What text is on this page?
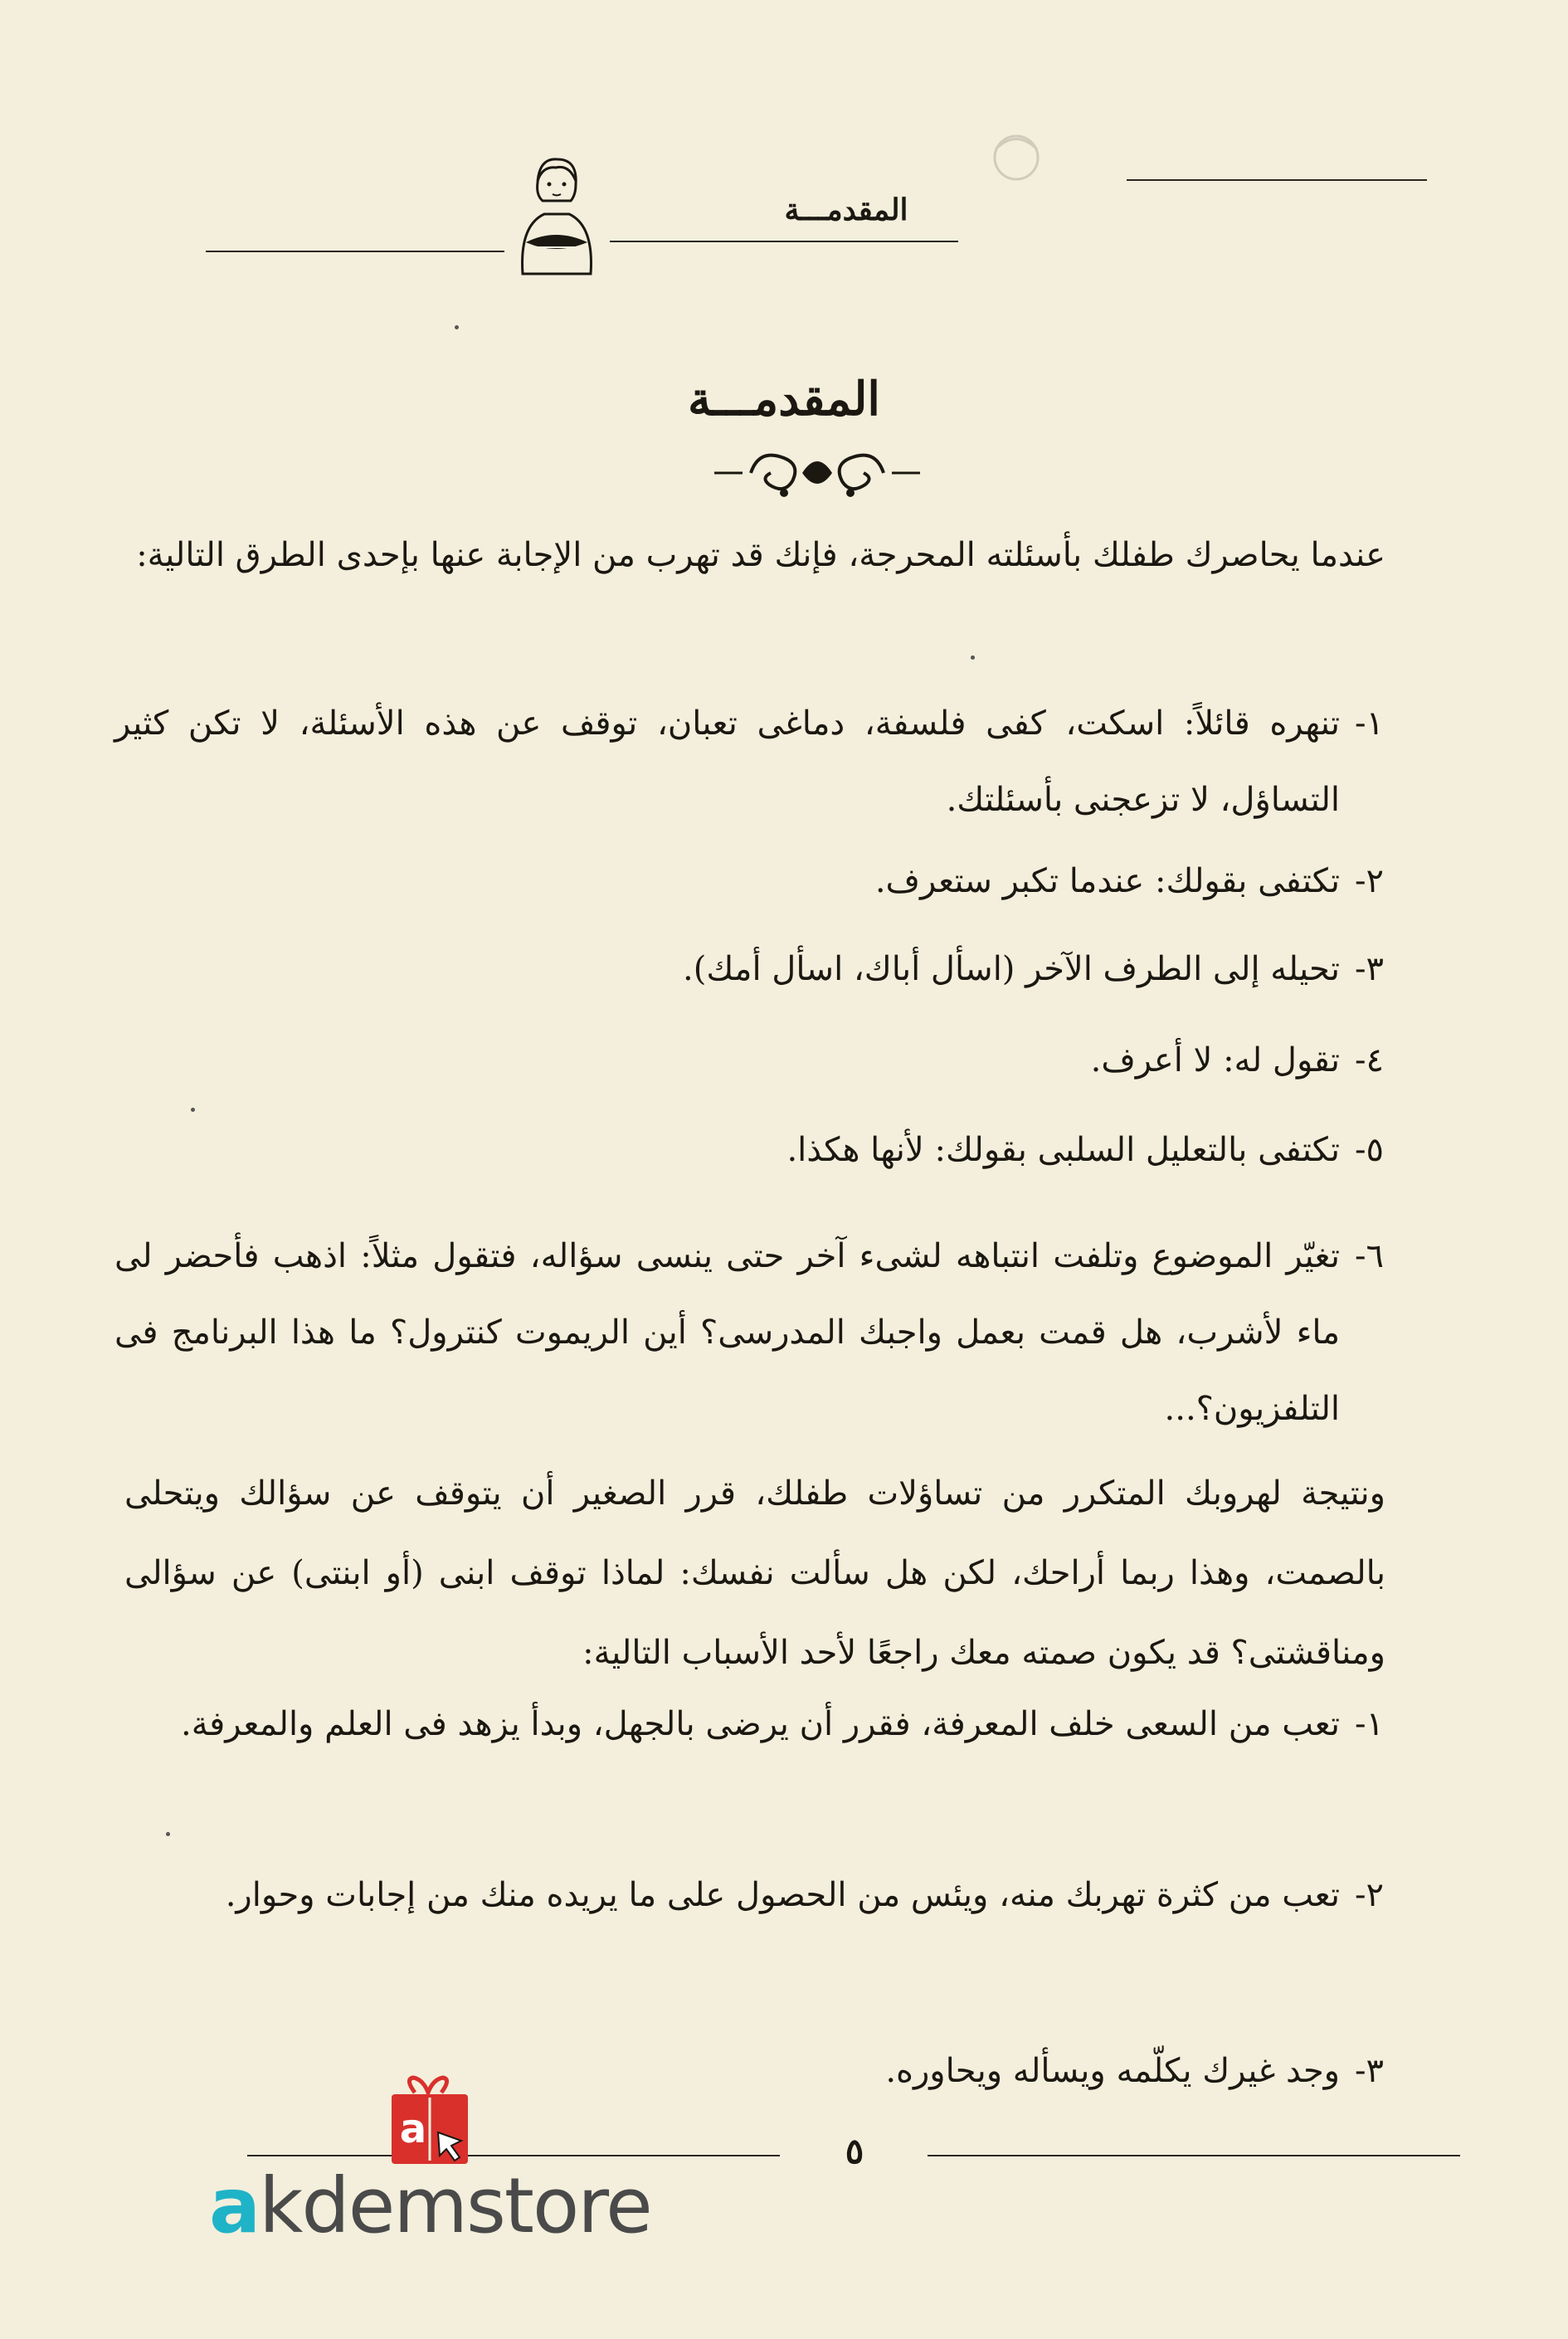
المقدمـــة
المقدمـــة

عندما يحاصرك طفلك بأسئلته المحرجة، فإنك قد تهرب من الإجابة عنها بإحدى الطرق التالية:

١-
تنهره قائلاً: اسكت، كفى فلسفة، دماغى تعبان، توقف عن هذه الأسئلة، لا تكن كثير التساؤل، لا تزعجنى بأسئلتك.
٢-
تكتفى بقولك: عندما تكبر ستعرف.
٣-
تحيله إلى الطرف الآخر (اسأل أباك، اسأل أمك).
٤-
تقول له: لا أعرف.
٥-
تكتفى بالتعليل السلبى بقولك: لأنها هكذا.
٦-
تغيّر الموضوع وتلفت انتباهه لشىء آخر حتى ينسى سؤاله، فتقول مثلاً: اذهب فأحضر لى ماء لأشرب، هل قمت بعمل واجبك المدرسى؟ أين الريموت كنترول؟ ما هذا البرنامج فى التلفزيون؟...

ونتيجة لهروبك المتكرر من تساؤلات طفلك، قرر الصغير أن يتوقف عن سؤالك ويتحلى بالصمت، وهذا ربما أراحك، لكن هل سألت نفسك: لماذا توقف ابنى (أو ابنتى) عن سؤالى ومناقشتى؟ قد يكون صمته معك راجعًا لأحد الأسباب التالية:

١-
تعب من السعى خلف المعرفة، فقرر أن يرضى بالجهل، وبدأ يزهد فى العلم والمعرفة.
٢-
تعب من كثرة تهربك منه، ويئس من الحصول على ما يريده منك من إجابات وحوار.
٣-
وجد غيرك يكلّمه ويسأله ويحاوره.
٥
a
akdemstore
